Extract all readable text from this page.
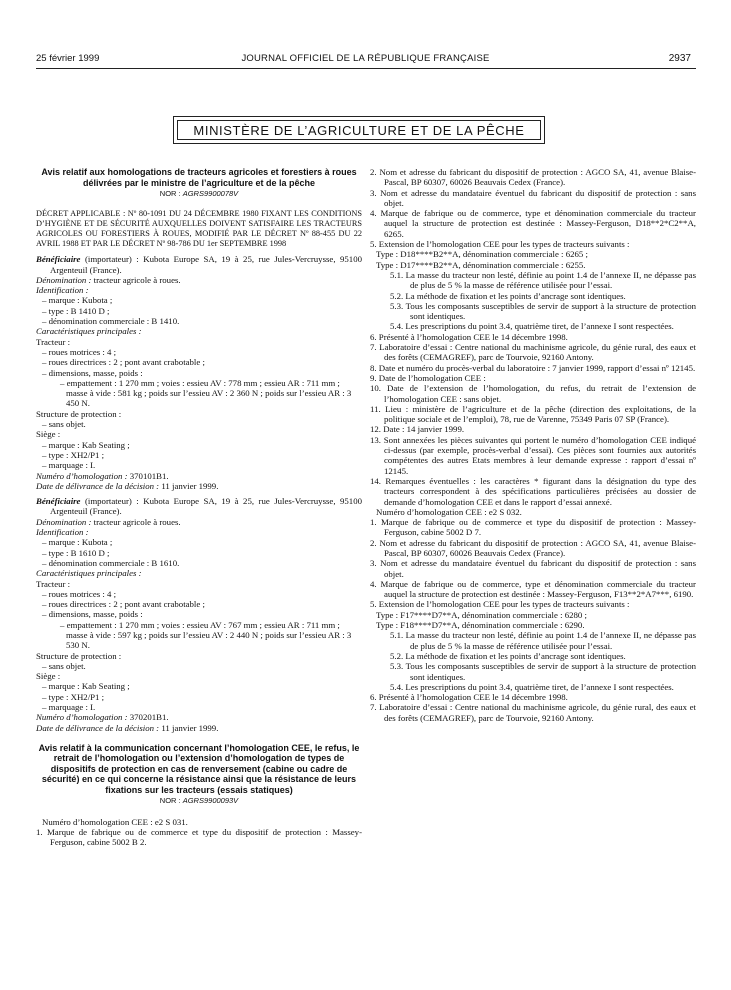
25 février 1999	JOURNAL OFFICIEL DE LA RÉPUBLIQUE FRANÇAISE	2937
MINISTÈRE DE L’AGRICULTURE ET DE LA PÊCHE

Avis relatif aux homologations de tracteurs agricoles et forestiers à roues délivrées par le ministre de l’agriculture et de la pêche

NOR : AGRS9900078V

DÉCRET APPLICABLE : Nº 80-1091 DU 24 DÉCEMBRE 1980 FIXANT LES CONDITIONS D’HYGIÈNE ET DE SÉCURITÉ AUXQUELLES DOIVENT SATISFAIRE LES TRACTEURS AGRICOLES OU FORESTIERS À ROUES, MODIFIÉ PAR LE DÉCRET Nº 88-455 DU 22 AVRIL 1988 ET PAR LE DÉCRET Nº 98-786 DU 1er SEPTEMBRE 1998

Bénéficiaire (importateur) : Kubota Europe SA, 19 à 25, rue Jules-Vercruysse, 95100 Argenteuil (France).

Dénomination : tracteur agricole à roues.

Identification :

– marque : Kubota ;

– type : B 1410 D ;

– dénomination commerciale : B 1410.

Caractéristiques principales :

Tracteur :

– roues motrices : 4 ;

– roues directrices : 2 ; pont avant crabotable ;

– dimensions, masse, poids :

– empattement : 1 270 mm ; voies : essieu AV : 778 mm ; essieu AR : 711 mm ; masse à vide : 581 kg ; poids sur l’essieu AV : 2 360 N ; poids sur l’essieu AR : 3 450 N.

Structure de protection :

– sans objet.

Siège :

– marque : Kab Seating ;

– type : XH2/P1 ;

– marquage : I.

Numéro d’homologation : 370101B1.

Date de délivrance de la décision : 11 janvier 1999.

Bénéficiaire (importateur) : Kubota Europe SA, 19 à 25, rue Jules-Vercruysse, 95100 Argenteuil (France).

Dénomination : tracteur agricole à roues.

Identification :

– marque : Kubota ;

– type : B 1610 D ;

– dénomination commerciale : B 1610.

Caractéristiques principales :

Tracteur :

– roues motrices : 4 ;

– roues directrices : 2 ; pont avant crabotable ;

– dimensions, masse, poids :

– empattement : 1 270 mm ; voies : essieu AV : 767 mm ; essieu AR : 711 mm ; masse à vide : 597 kg ; poids sur l’essieu AV : 2 440 N ; poids sur l’essieu AR : 3 530 N.

Structure de protection :

– sans objet.

Siège :

– marque : Kab Seating ;

– type : XH2/P1 ;

– marquage : I.

Numéro d’homologation : 370201B1.

Date de délivrance de la décision : 11 janvier 1999.

Avis relatif à la communication concernant l’homologation CEE, le refus, le retrait de l’homologation ou l’extension d’homologation de types de dispositifs de protection en cas de renversement (cabine ou cadre de sécurité) en ce qui concerne la résistance ainsi que la résistance de leurs fixations sur les tracteurs (essais statiques)

NOR : AGRS9900093V

Numéro d’homologation CEE : e2 S 031.

1. Marque de fabrique ou de commerce et type du dispositif de protection : Massey-Ferguson, cabine 5002 B 2.

2. Nom et adresse du fabricant du dispositif de protection : AGCO SA, 41, avenue Blaise-Pascal, BP 60307, 60026 Beauvais Cedex (France).

3. Nom et adresse du mandataire éventuel du fabricant du dispositif de protection : sans objet.

4. Marque de fabrique ou de commerce, type et dénomination commerciale du tracteur auquel la structure de protection est destinée : Massey-Ferguson, D18**2*C2**A, 6265.

5. Extension de l’homologation CEE pour les types de tracteurs suivants :

Type : D18****B2**A, dénomination commerciale : 6265 ;

Type : D17****B2**A, dénomination commerciale : 6255.

5.1. La masse du tracteur non lesté, définie au point 1.4 de l’annexe II, ne dépasse pas de plus de 5 % la masse de référence utilisée pour l’essai.

5.2. La méthode de fixation et les points d’ancrage sont identiques.

5.3. Tous les composants susceptibles de servir de support à la structure de protection sont identiques.

5.4. Les prescriptions du point 3.4, quatrième tiret, de l’annexe I sont respectées.

6. Présenté à l’homologation CEE le 14 décembre 1998.

7. Laboratoire d’essai : Centre national du machinisme agricole, du génie rural, des eaux et des forêts (CEMAGREF), parc de Tourvoie, 92160 Antony.

8. Date et numéro du procès-verbal du laboratoire : 7 janvier 1999, rapport d’essai nº 12145.

9. Date de l’homologation CEE :

10. Date de l’extension de l’homologation, du refus, du retrait de l’extension de l’homologation CEE : sans objet.

11. Lieu : ministère de l’agriculture et de la pêche (direction des exploitations, de la politique sociale et de l’emploi), 78, rue de Varenne, 75349 Paris 07 SP (France).

12. Date : 14 janvier 1999.

13. Sont annexées les pièces suivantes qui portent le numéro d’homologation CEE indiqué ci-dessus (par exemple, procès-verbal d’essai). Ces pièces sont fournies aux autorités compétentes des autres Etats membres à leur demande expresse : rapport d’essai nº 12145.

14. Remarques éventuelles : les caractères * figurant dans la désignation du type des tracteurs correspondent à des spécifications particulières précisées au dossier de demande d’homologation CEE et dans le rapport d’essai annexé.

Numéro d’homologation CEE : e2 S 032.

1. Marque de fabrique ou de commerce et type du dispositif de protection : Massey-Ferguson, cabine 5002 D 7.

2. Nom et adresse du fabricant du dispositif de protection : AGCO SA, 41, avenue Blaise-Pascal, BP 60307, 60026 Beauvais Cedex (France).

3. Nom et adresse du mandataire éventuel du fabricant du dispositif de protection : sans objet.

4. Marque de fabrique ou de commerce, type et dénomination commerciale du tracteur auquel la structure de protection est destinée : Massey-Ferguson, F13**2*A7***, 6190.

5. Extension de l’homologation CEE pour les types de tracteurs suivants :

Type : F17****D7**A, dénomination commerciale : 6280 ;

Type : F18****D7**A, dénomination commerciale : 6290.

5.1. La masse du tracteur non lesté, définie au point 1.4 de l’annexe II, ne dépasse pas de plus de 5 % la masse de référence utilisée pour l’essai.

5.2. La méthode de fixation et les points d’ancrage sont identiques.

5.3. Tous les composants susceptibles de servir de support à la structure de protection sont identiques.

5.4. Les prescriptions du point 3.4, quatrième tiret, de l’annexe I sont respectées.

6. Présenté à l’homologation CEE le 14 décembre 1998.

7. Laboratoire d’essai : Centre national du machinisme agricole, du génie rural, des eaux et des forêts (CEMAGREF), parc de Tourvoie, 92160 Antony.
